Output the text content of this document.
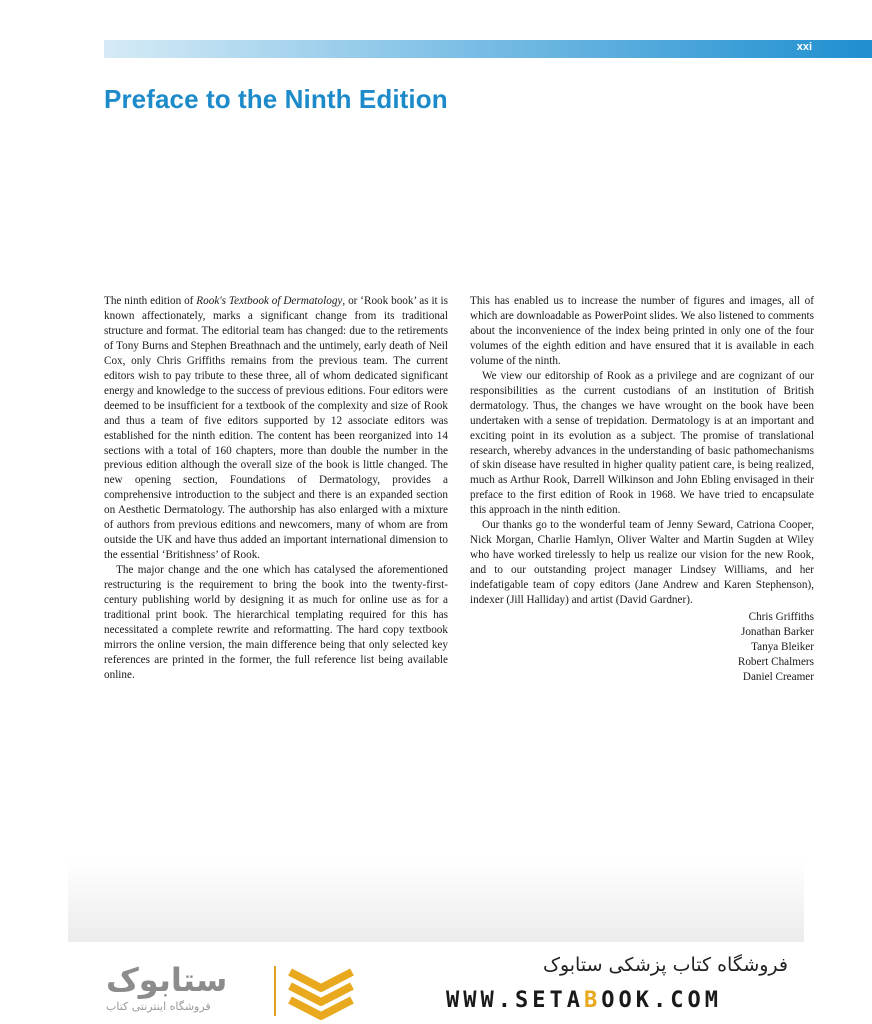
xxi
Preface to the Ninth Edition

The ninth edition of Rook's Textbook of Dermatology, or ‘Rook book’ as it is known affectionately, marks a significant change from its traditional structure and format. The editorial team has changed: due to the retirements of Tony Burns and Stephen Breathnach and the untimely, early death of Neil Cox, only Chris Griffiths remains from the previous team. The current editors wish to pay tribute to these three, all of whom dedicated significant energy and knowledge to the success of previous editions. Four editors were deemed to be insufficient for a textbook of the complexity and size of Rook and thus a team of five editors supported by 12 associate editors was established for the ninth edition. The content has been reorganized into 14 sections with a total of 160 chapters, more than double the number in the previous edition although the overall size of the book is little changed. The new opening section, Foundations of Dermatology, provides a comprehensive introduction to the subject and there is an expanded section on Aesthetic Dermatology. The authorship has also enlarged with a mixture of authors from previous editions and newcomers, many of whom are from outside the UK and have thus added an important international dimension to the essential ‘Britishness’ of Rook.

The major change and the one which has catalysed the aforementioned restructuring is the requirement to bring the book into the twenty-first-century publishing world by designing it as much for online use as for a traditional print book. The hierarchical templating required for this has necessitated a complete rewrite and reformatting. The hard copy textbook mirrors the online version, the main difference being that only selected key references are printed in the former, the full reference list being available online.

This has enabled us to increase the number of figures and images, all of which are downloadable as PowerPoint slides. We also listened to comments about the inconvenience of the index being printed in only one of the four volumes of the eighth edition and have ensured that it is available in each volume of the ninth.

We view our editorship of Rook as a privilege and are cognizant of our responsibilities as the current custodians of an institution of British dermatology. Thus, the changes we have wrought on the book have been undertaken with a sense of trepidation. Dermatology is at an important and exciting point in its evolution as a subject. The promise of translational research, whereby advances in the understanding of basic pathomechanisms of skin disease have resulted in higher quality patient care, is being realized, much as Arthur Rook, Darrell Wilkinson and John Ebling envisaged in their preface to the first edition of Rook in 1968. We have tried to encapsulate this approach in the ninth edition.

Our thanks go to the wonderful team of Jenny Seward, Catriona Cooper, Nick Morgan, Charlie Hamlyn, Oliver Walter and Martin Sugden at Wiley who have worked tirelessly to help us realize our vision for the new Rook, and to our outstanding project manager Lindsey Williams, and her indefatigable team of copy editors (Jane Andrew and Karen Stephenson), indexer (Jill Halliday) and artist (David Gardner).

Chris Griffiths
Jonathan Barker
Tanya Bleiker
Robert Chalmers
Daniel Creamer
ستابوک
فروشگاه اینترنتی کتاب
فروشگاه کتاب پزشکی ستابوک
WWW.SETABOOK.COM
